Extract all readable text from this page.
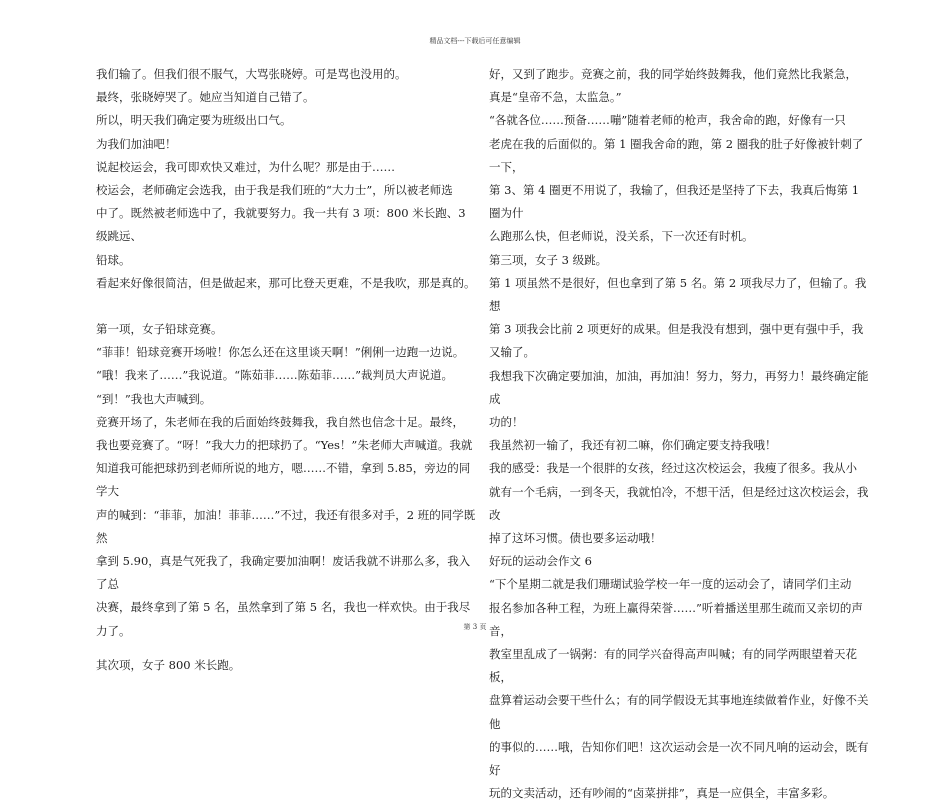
精品文档---下载后可任意编辑

我们输了。但我们很不服气，大骂张晓婷。可是骂也没用的。

最终，张晓婷哭了。她应当知道自己错了。

所以，明天我们确定要为班级出口气。

为我们加油吧！

说起校运会，我可即欢快又难过，为什么呢？那是由于……

校运会，老师确定会选我，由于我是我们班的“大力士”，所以被老师选

中了。既然被老师选中了，我就要努力。我一共有 3 项：800 米长跑、3 级跳远、

铅球。

看起来好像很简洁，但是做起来，那可比登天更难，不是我吹，那是真的。

第一项，女子铅球竞赛。

“菲菲！铅球竞赛开场啦！你怎么还在这里谈天啊！”俐俐一边跑一边说。

“哦！我来了……”我说道。“陈茹菲……陈茹菲……”裁判员大声说道。

“到！”我也大声喊到。

竞赛开场了，朱老师在我的后面始终鼓舞我，我自然也信念十足。最终，

我也要竞赛了。“呀！”我大力的把球扔了。“Yes！”朱老师大声喊道。我就

知道我可能把球扔到老师所说的地方，嗯……不错，拿到 5.85，旁边的同学大

声的喊到：“菲菲，加油！菲菲……”不过，我还有很多对手，2 班的同学既然

拿到 5.90，真是气死我了，我确定要加油啊！废话我就不讲那么多，我入了总

决赛，最终拿到了第 5 名，虽然拿到了第 5 名，我也一样欢快。由于我尽力了。

其次项，女子 800 米长跑。

好，又到了跑步。竞赛之前，我的同学始终鼓舞我，他们竟然比我紧急，

真是“皇帝不急，太监急。”

“各就各位……预备……嘣”随着老师的枪声，我舍命的跑，好像有一只

老虎在我的后面似的。第 1 圈我舍命的跑，第 2 圈我的肚子好像被针刺了一下，

第 3、第 4 圈更不用说了，我输了，但我还是坚持了下去，我真后悔第 1 圈为什

么跑那么快，但老师说，没关系，下一次还有时机。

第三项，女子 3 级跳。

第 1 项虽然不是很好，但也拿到了第 5 名。第 2 项我尽力了，但输了。我想

第 3 项我会比前 2 项更好的成果。但是我没有想到，强中更有强中手，我又输了。

我想我下次确定要加油，加油，再加油！努力，努力，再努力！最终确定能成

功的！

我虽然初一输了，我还有初二嘛，你们确定要支持我哦！

我的感受：我是一个很胖的女孩，经过这次校运会，我瘦了很多。我从小

就有一个毛病，一到冬天，我就怕冷，不想干活，但是经过这次校运会，我改

掉了这坏习惯。债也要多运动哦！

好玩的运动会作文 6

“下个星期二就是我们珊瑚试验学校一年一度的运动会了，请同学们主动

报名参加各种工程，为班上赢得荣誉……”听着播送里那生疏而又亲切的声音，

教室里乱成了一锅粥：有的同学兴奋得高声叫喊；有的同学两眼望着天花板，

盘算着运动会要干些什么；有的同学假设无其事地连续做着作业，好像不关他

的事似的……哦，告知你们吧！这次运动会是一次不同凡响的运动会，既有好

玩的文卖活动，还有吵闹的“卤菜拼排”，真是一应俱全，丰富多彩。

第 3 页
